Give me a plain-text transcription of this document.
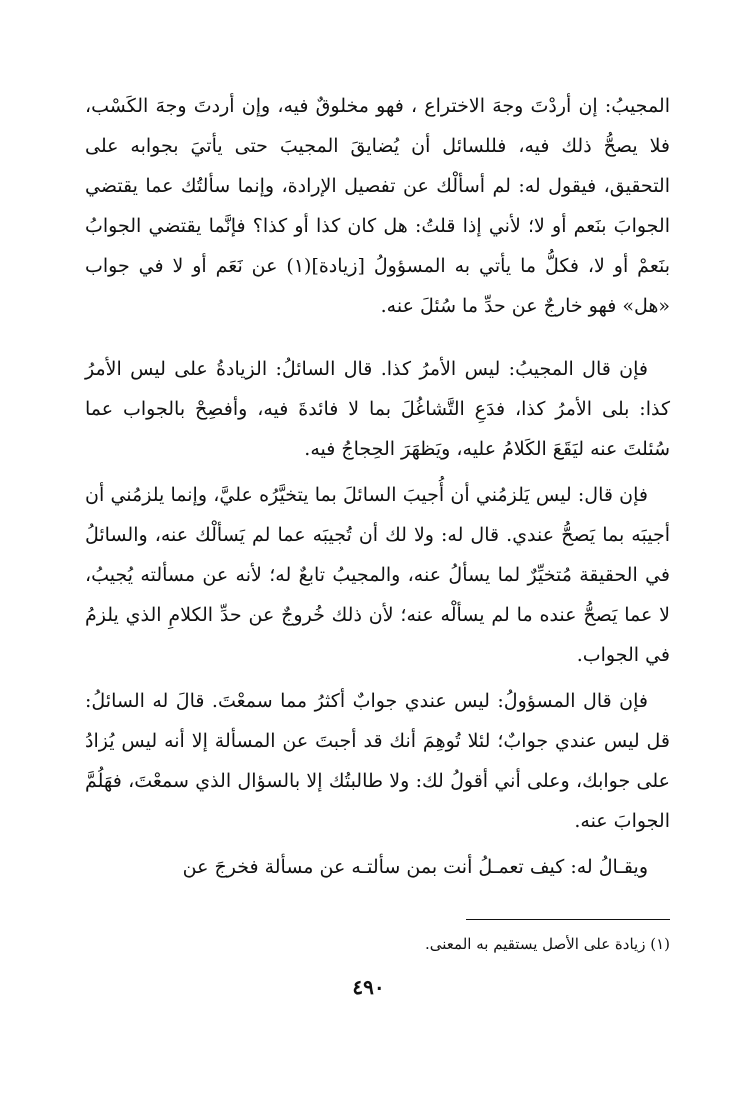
المجيبُ: إن أردْتَ وجهَ الاختراع ، فهو مخلوقٌ فيه، وإن أردتَ وجهَ الكَسْب، فلا يصحُّ ذلك فيه، فللسائل أن يُضايقَ المجيبَ حتى يأتيَ بجوابه على التحقيق، فيقول له: لم أسألْك عن تفصيل الإرادة، وإنما سألتُك عما يقتضي الجوابَ بنَعم أو لا؛ لأني إذا قلتُ: هل كان كذا أو كذا؟ فإنَّما يقتضي الجوابُ بنَعمْ أو لا، فكلُّ ما يأتي به المسؤولُ [زيادة](١) عن نَعَم أو لا في جواب «هل» فهو خارجٌ عن حدِّ ما سُئلَ عنه.

فإن قال المجيبُ: ليس الأمرُ كذا. قال السائلُ: الزيادةُ على ليس الأمرُ كذا: بلى الأمرُ كذا، فدَعِ التَّشاغُلَ بما لا فائدةَ فيه، وأفصِحْ بالجواب عما سُئلتَ عنه ليَقَعَ الكَلامُ عليه، ويَظهَرَ الحِجاجُ فيه.

فإن قال: ليس يَلزمُني أن أُجيبَ السائلَ بما يتخيَّرُه عليَّ، وإنما يلزمُني أن أجيبَه بما يَصحُّ عندي. قال له: ولا لك أن تُجيبَه عما لم يَسألْك عنه، والسائلُ في الحقيقة مُتخيِّرٌ لما يسألُ عنه، والمجيبُ تابعٌ له؛ لأنه عن مسألته يُجيبُ، لا عما يَصحُّ عنده ما لم يسألْه عنه؛ لأن ذلك خُروجٌ عن حدِّ الكلامِ الذي يلزمُ في الجواب.

فإن قال المسؤولُ: ليس عندي جوابٌ أكثرُ مما سمعْتَ. قالَ له السائلُ: قل ليس عندي جوابٌ؛ لئلا تُوهِمَ أنك قد أجبتَ عن المسألة إلا أنه ليس يُزادُ على جوابك، وعلى أني أقولُ لك: ولا طالبتُك إلا بالسؤال الذي سمعْتَ، فهَلُمَّ الجوابَ عنه.

ويقـالُ له: كيف تعمـلُ أنت بمن سألتـه عن مسألة فخرجَ عن

(١) زيادة على الأصل يستقيم به المعنى.
٤٩٠
